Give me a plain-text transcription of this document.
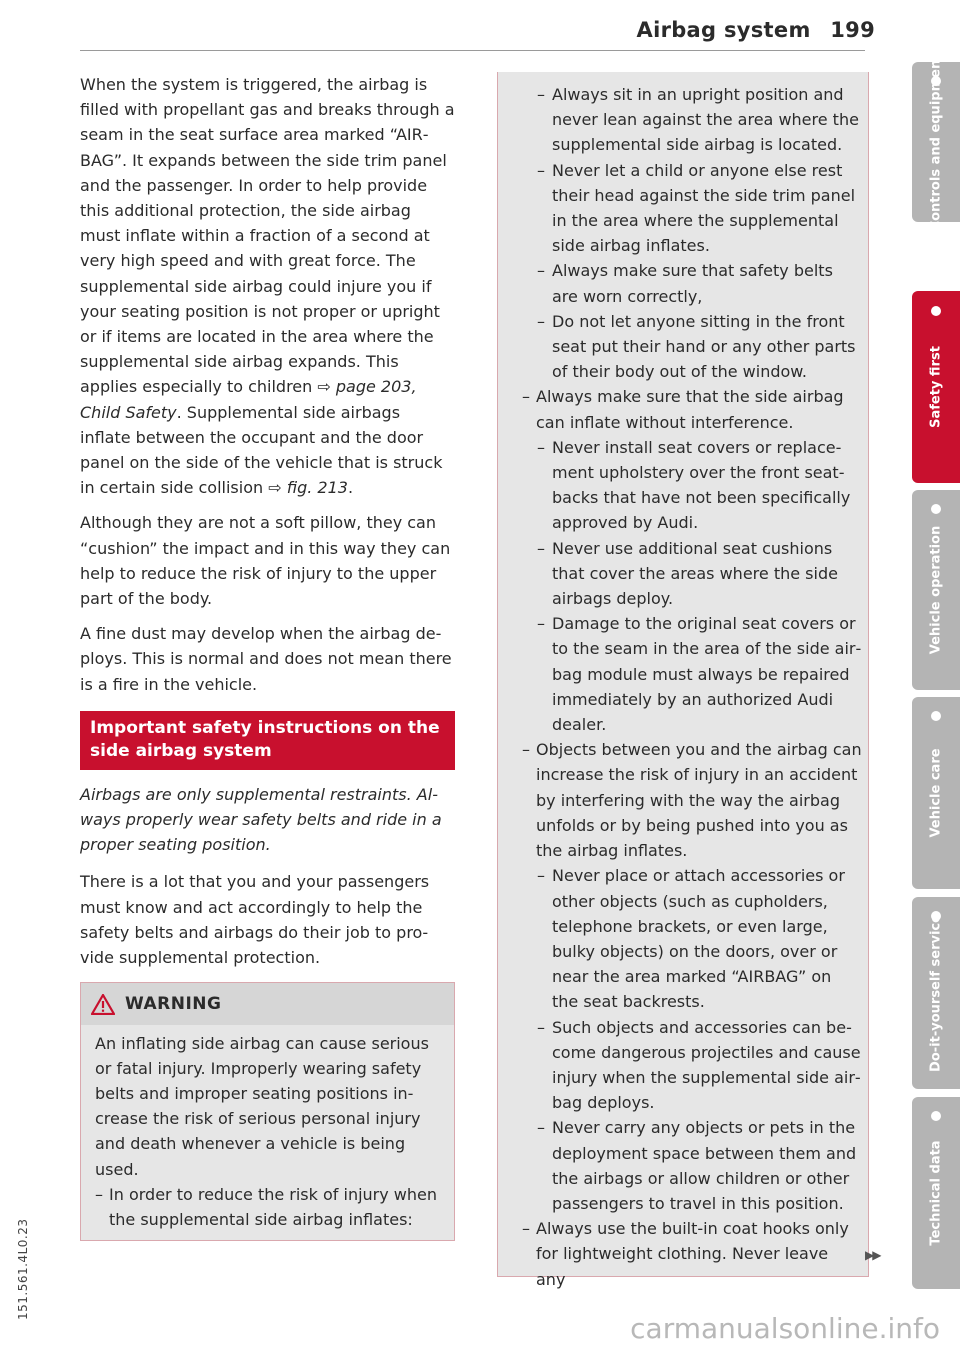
Airbag system 199

When the system is triggered, the airbag is filled with propellant gas and breaks through a seam in the seat surface area marked “AIRBAG”. It expands between the side trim panel and the passenger. In order to help provide this additional protection, the side airbag must inflate within a fraction of a second at very high speed and with great force. The supplemental side airbag could injure you if your seating position is not proper or upright or if items are located in the area where the supplemental side airbag expands. This applies especially to children ⇨ page 203, Child Safety. Supplemental side airbags inflate between the occupant and the door panel on the side of the vehicle that is struck in certain side collision ⇨ fig. 213.

Although they are not a soft pillow, they can “cushion” the impact and in this way they can help to reduce the risk of injury to the upper part of the body.

A fine dust may develop when the airbag deploys. This is normal and does not mean there is a fire in the vehicle.

Important safety instructions on the side airbag system

Airbags are only supplemental restraints. Always properly wear safety belts and ride in a proper seating position.

There is a lot that you and your passengers must know and act accordingly to help the safety belts and airbags do their job to provide supplemental protection.

WARNING

An inflating side airbag can cause serious or fatal injury. Improperly wearing safety belts and improper seating positions increase the risk of serious personal injury and death whenever a vehicle is being used.

– In order to reduce the risk of injury when the supplemental side airbag inflates:
– Always sit in an upright position and never lean against the area where the supplemental side airbag is located.
– Never let a child or anyone else rest their head against the side trim panel in the area where the supplemental side airbag inflates.
– Always make sure that safety belts are worn correctly,
– Do not let anyone sitting in the front seat put their hand or any other parts of their body out of the window.
– Always make sure that the side airbag can inflate without interference.
– Never install seat covers or replacement upholstery over the front seatbacks that have not been specifically approved by Audi.
– Never use additional seat cushions that cover the areas where the side airbags deploy.
– Damage to the original seat covers or to the seam in the area of the side airbag module must always be repaired immediately by an authorized Audi dealer.
– Objects between you and the airbag can increase the risk of injury in an accident by interfering with the way the airbag unfolds or by being pushed into you as the airbag inflates.
– Never place or attach accessories or other objects (such as cupholders, telephone brackets, or even large, bulky objects) on the doors, over or near the area marked “AIRBAG” on the seat backrests.
– Such objects and accessories can become dangerous projectiles and cause injury when the supplemental side airbag deploys.
– Never carry any objects or pets in the deployment space between them and the airbags or allow children or other passengers to travel in this position.
– Always use the built-in coat hooks only for lightweight clothing. Never leave any
▶▶
Controls and equipment
Safety first
Vehicle operation
Vehicle care
Do-it-yourself service
Technical data
151.561.4L0.23
carmanualsonline.info
